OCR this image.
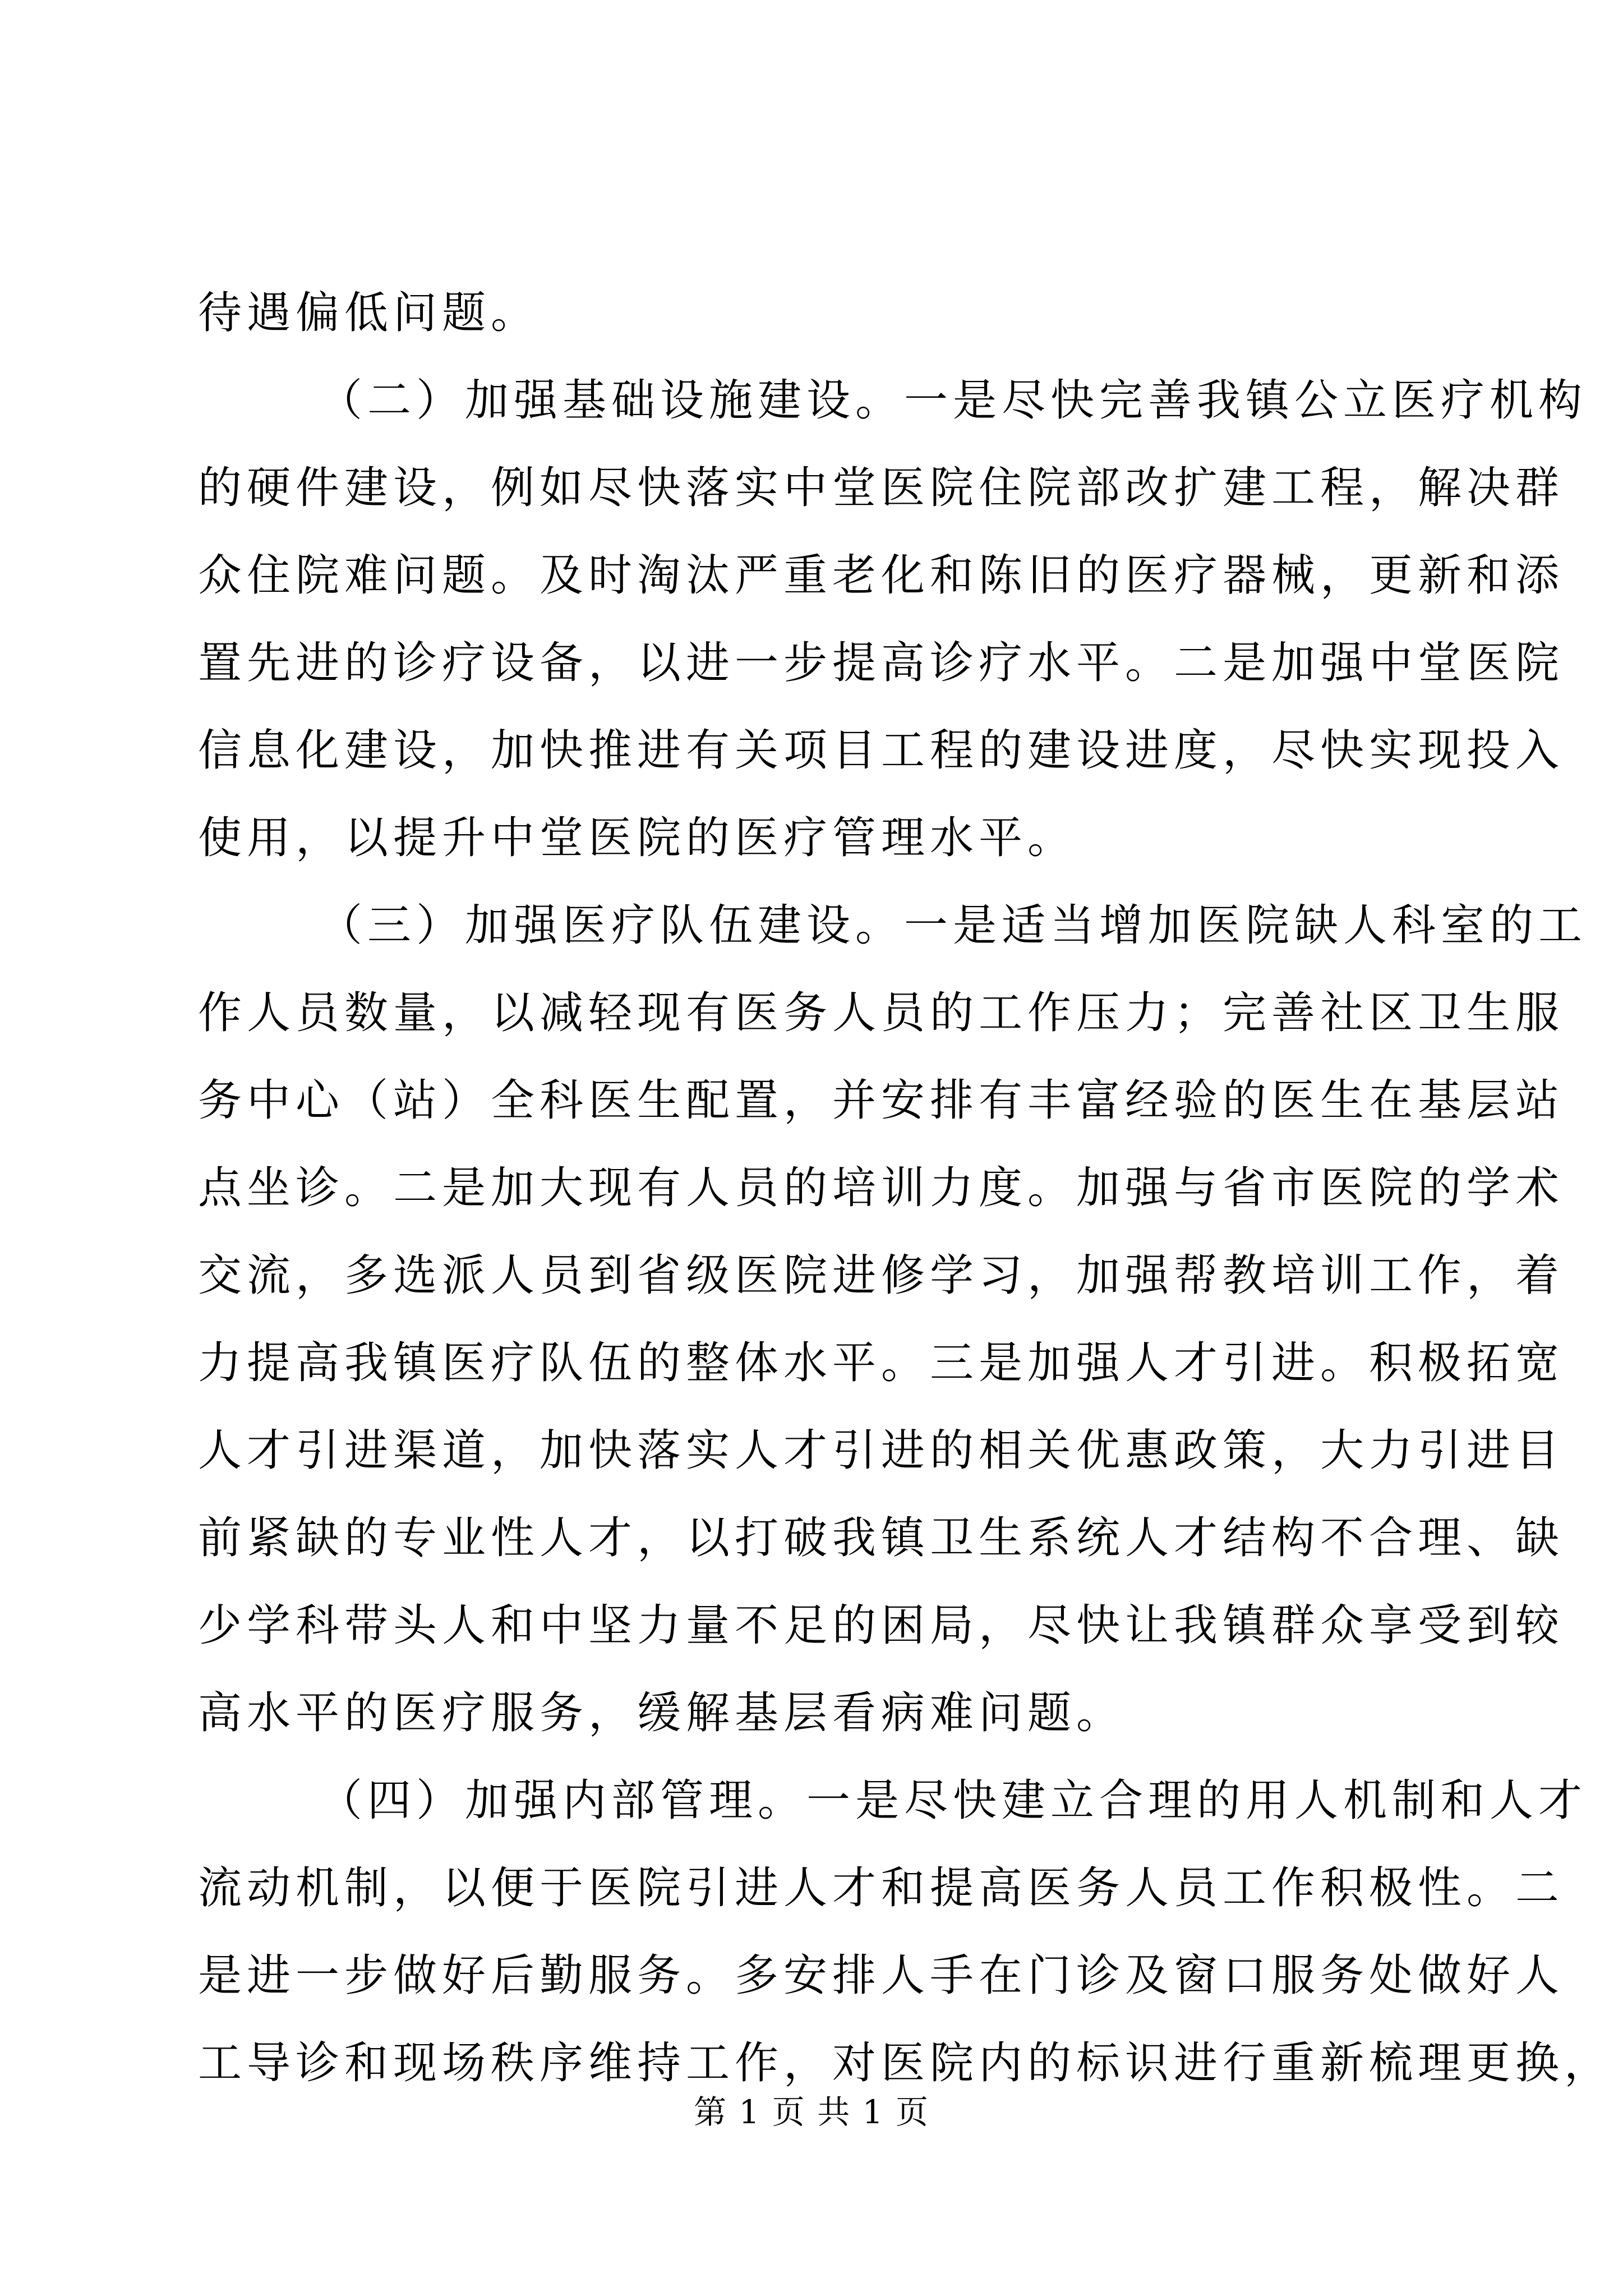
待遇偏低问题。
（二）加强基础设施建设。一是尽快完善我镇公立医疗机构
的硬件建设，例如尽快落实中堂医院住院部改扩建工程，解决群
众住院难问题。及时淘汰严重老化和陈旧的医疗器械，更新和添
置先进的诊疗设备，以进一步提高诊疗水平。二是加强中堂医院
信息化建设，加快推进有关项目工程的建设进度，尽快实现投入
使用，以提升中堂医院的医疗管理水平。
（三）加强医疗队伍建设。一是适当增加医院缺人科室的工
作人员数量，以减轻现有医务人员的工作压力；完善社区卫生服
务中心（站）全科医生配置，并安排有丰富经验的医生在基层站
点坐诊。二是加大现有人员的培训力度。加强与省市医院的学术
交流，多选派人员到省级医院进修学习，加强帮教培训工作，着
力提高我镇医疗队伍的整体水平。三是加强人才引进。积极拓宽
人才引进渠道，加快落实人才引进的相关优惠政策，大力引进目
前紧缺的专业性人才，以打破我镇卫生系统人才结构不合理、缺
少学科带头人和中坚力量不足的困局，尽快让我镇群众享受到较
高水平的医疗服务，缓解基层看病难问题。
（四）加强内部管理。一是尽快建立合理的用人机制和人才
流动机制，以便于医院引进人才和提高医务人员工作积极性。二
是进一步做好后勤服务。多安排人手在门诊及窗口服务处做好人
工导诊和现场秩序维持工作，对医院内的标识进行重新梳理更换，
第 1 页 共 1 页
